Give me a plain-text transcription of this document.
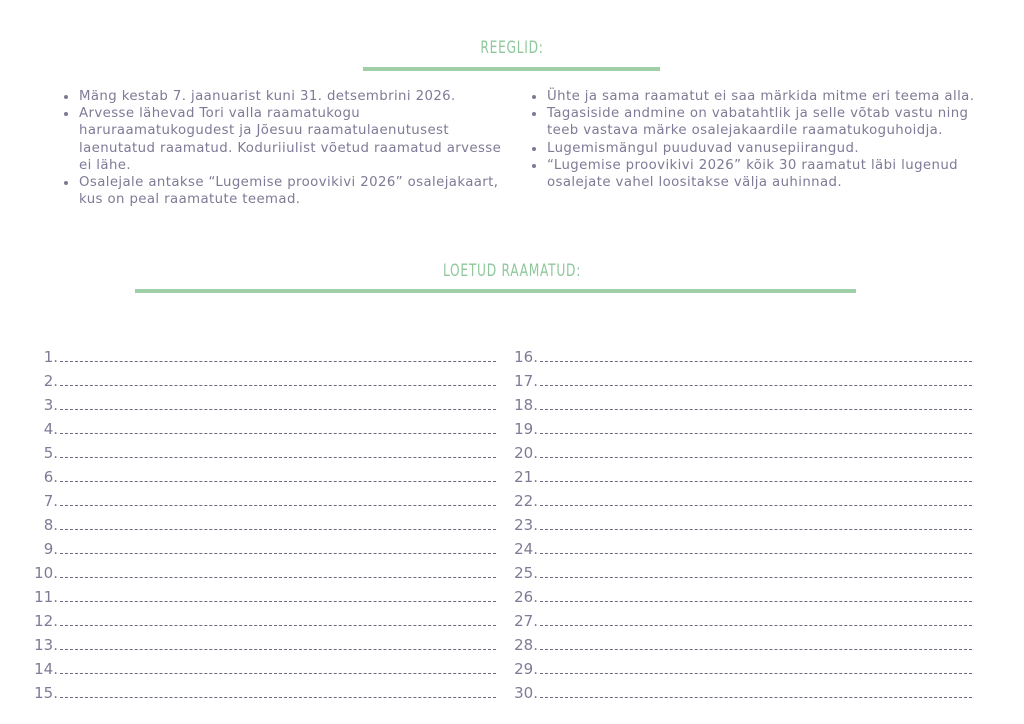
REEGLID:
• Mäng kestab 7. jaanuarist kuni 31. detsembrini 2026.
• Arvesse lähevad Tori valla raamatukogu haruraamatukogudest ja Jõesuu raamatulaenutusest laenutatud raamatud. Koduriiulist võetud raamatud arvesse ei lähe.
• Osalejale antakse “Lugemise proovikivi 2026” osalejakaart, kus on peal raamatute teemad.
• Ühte ja sama raamatut ei saa märkida mitme eri teema alla.
• Tagasiside andmine on vabatahtlik ja selle võtab vastu ning teeb vastava märke osalejakaardile raamatukoguhoidja.
• Lugemismängul puuduvad vanusepiirangud.
• “Lugemise proovikivi 2026” kõik 30 raamatut läbi lugenud osalejate vahel loositakse välja auhinnad.
LOETUD RAAMATUD:
1.
2.
3.
4.
5.
6.
7.
8.
9.
10.
11.
12.
13.
14.
15.
16.
17.
18.
19.
20.
21.
22.
23.
24.
25.
26.
27.
28.
29.
30.
